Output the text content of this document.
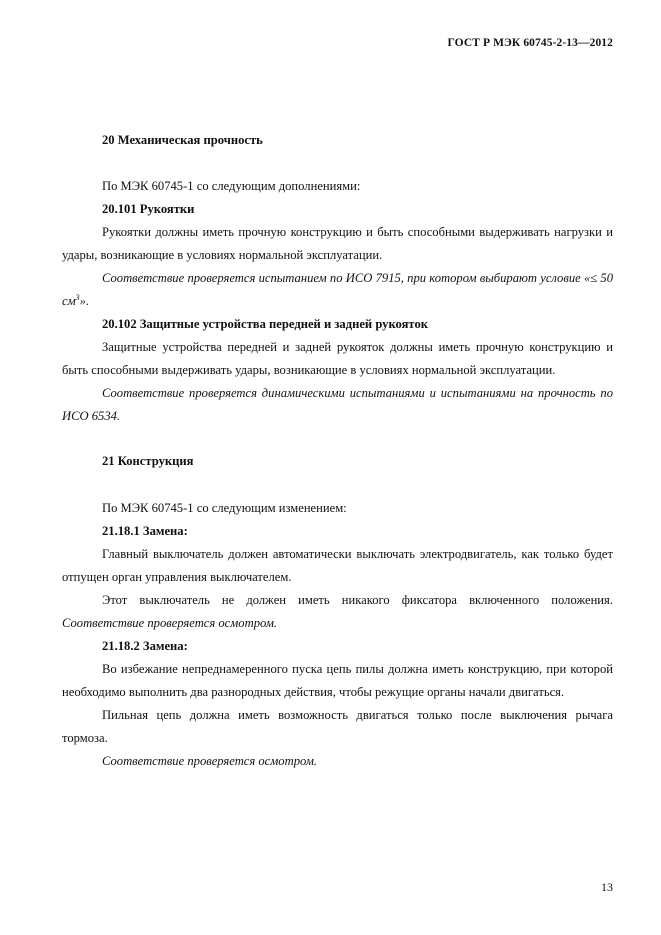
ГОСТ Р МЭК 60745-2-13—2012

20 Механическая прочность

По МЭК 60745-1 со следующим дополнениями:

20.101 Рукоятки

Рукоятки должны иметь прочную конструкцию и быть способными выдерживать нагрузки и удары, возникающие в условиях нормальной эксплуатации.

Соответствие проверяется испытанием по ИСО 7915, при котором выбирают условие «≤ 50 $см^3$».

20.102 Защитные устройства передней и задней рукояток

Защитные устройства передней и задней рукояток должны иметь прочную конструкцию и быть способными выдерживать удары, возникающие в условиях нормальной эксплуатации.

Соответствие проверяется динамическими испытаниями и испытаниями на прочность по ИСО 6534.

21 Конструкция

По МЭК 60745-1 со следующим изменением:

21.18.1 Замена:

Главный выключатель должен автоматически выключать электродвигатель, как только будет отпущен орган управления выключателем.

Этот выключатель не должен иметь никакого фиксатора включенного положения.

Соответствие проверяется осмотром.

21.18.2 Замена:

Во избежание непреднамеренного пуска цепь пилы должна иметь конструкцию, при которой необходимо выполнить два разнородных действия, чтобы режущие органы начали двигаться.

Пильная цепь должна иметь возможность двигаться только после выключения рычага тормоза.

Соответствие проверяется осмотром.

13
